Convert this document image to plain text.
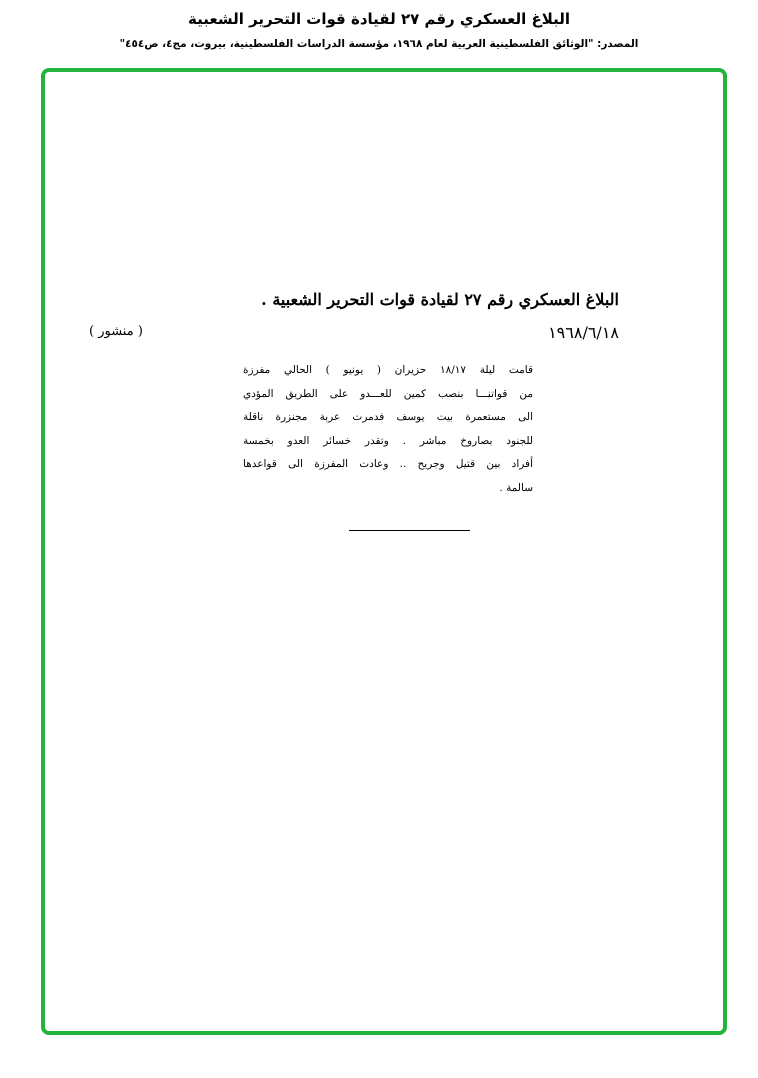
البلاغ العسكري رقم ٢٧ لقيادة قوات التحرير الشعبية
المصدر: "الوثائق الفلسطينية العربية لعام ١٩٦٨، مؤسسة الدراسات الفلسطينية، بيروت، مج٤، ص٤٥٤"
البلاغ العسكري رقم ٢٧ لقيادة قوات التحرير الشعبية .
١٩٦٨/٦/١٨
( منشور )
قامت ليلة ١٨/١٧ حزيران ( يونيو ) الحالي مفرزة
من قواتنـــا بنصب كمين للعـــدو على الطريق المؤدي
الى مستعمرة بيت يوسف فدمرت عربة مجنزرة ناقلة
للجنود بصاروخ مباشر . وتقدر خسائر العدو بخمسة
أفراد بين قتيل وجريح .. وعادت المفرزة الى قواعدها
سالمة .
